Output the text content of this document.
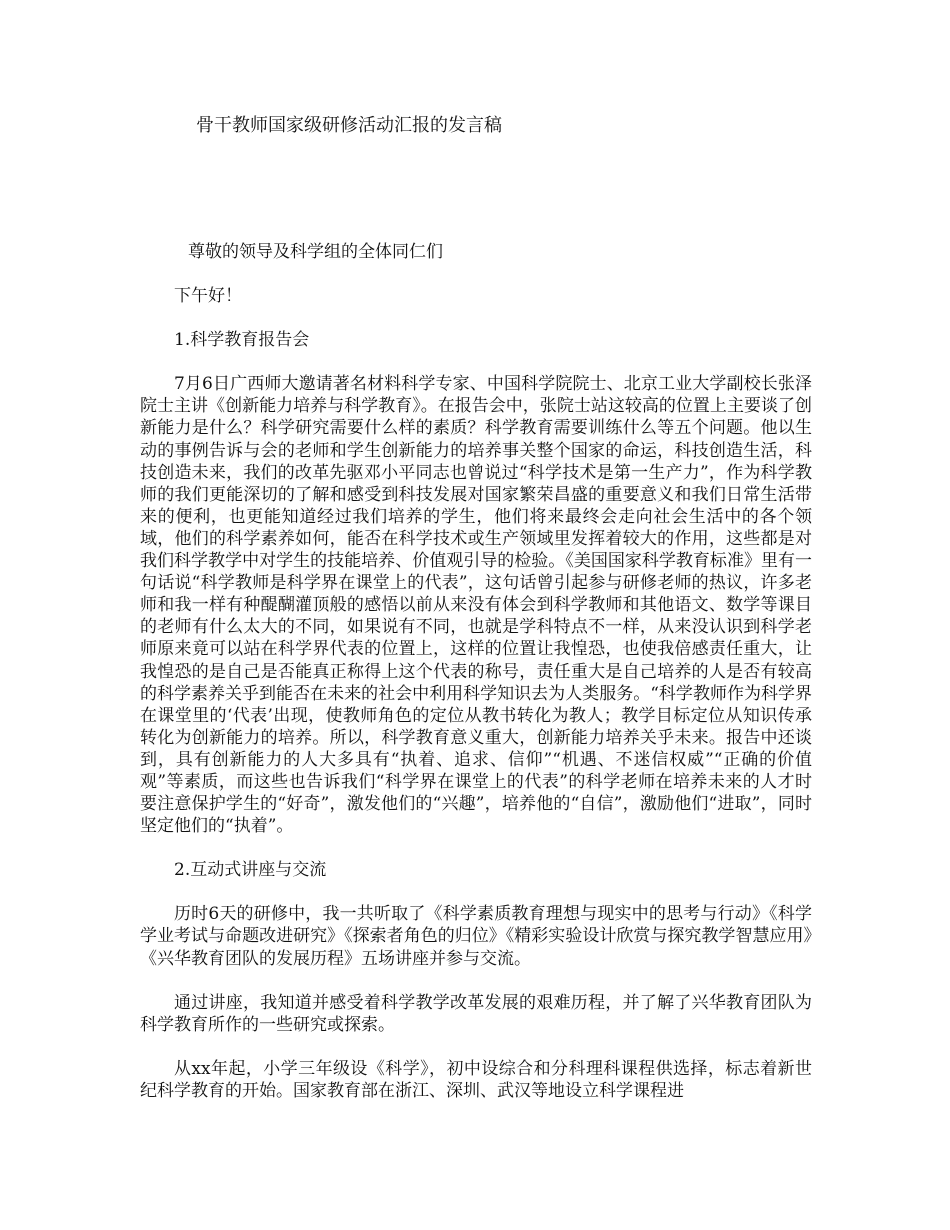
骨干教师国家级研修活动汇报的发言稿

尊敬的领导及科学组的全体同仁们

下午好！

1.科学教育报告会

7月6日广西师大邀请著名材料科学专家、中国科学院院士、北京工业大学副校长张泽院士主讲《创新能力培养与科学教育》。在报告会中，张院士站这较高的位置上主要谈了创新能力是什么？科学研究需要什么样的素质？科学教育需要训练什么等五个问题。他以生动的事例告诉与会的老师和学生创新能力的培养事关整个国家的命运，科技创造生活，科技创造未来，我们的改革先驱邓小平同志也曾说过“科学技术是第一生产力”，作为科学教师的我们更能深切的了解和感受到科技发展对国家繁荣昌盛的重要意义和我们日常生活带来的便利，也更能知道经过我们培养的学生，他们将来最终会走向社会生活中的各个领域，他们的科学素养如何，能否在科学技术或生产领域里发挥着较大的作用，这些都是对我们科学教学中对学生的技能培养、价值观引导的检验。《美国国家科学教育标准》里有一句话说“科学教师是科学界在课堂上的代表”，这句话曾引起参与研修老师的热议，许多老师和我一样有种醍醐灌顶般的感悟以前从来没有体会到科学教师和其他语文、数学等课目的老师有什么太大的不同，如果说有不同，也就是学科特点不一样，从来没认识到科学老师原来竟可以站在科学界代表的位置上，这样的位置让我惶恐，也使我倍感责任重大，让我惶恐的是自己是否能真正称得上这个代表的称号，责任重大是自己培养的人是否有较高的科学素养关乎到能否在未来的社会中利用科学知识去为人类服务。“科学教师作为科学界在课堂里的‘代表’出现，使教师角色的定位从教书转化为教人；教学目标定位从知识传承转化为创新能力的培养。所以，科学教育意义重大，创新能力培养关乎未来。报告中还谈到，具有创新能力的人大多具有“执着、追求、信仰”“机遇、不迷信权威”“正确的价值观”等素质，而这些也告诉我们“科学界在课堂上的代表”的科学老师在培养未来的人才时要注意保护学生的“好奇”，激发他们的“兴趣”，培养他的“自信”，激励他们“进取”，同时坚定他们的“执着”。

2.互动式讲座与交流

历时6天的研修中，我一共听取了《科学素质教育理想与现实中的思考与行动》《科学学业考试与命题改进研究》《探索者角色的归位》《精彩实验设计欣赏与探究教学智慧应用》《兴华教育团队的发展历程》五场讲座并参与交流。

通过讲座，我知道并感受着科学教学改革发展的艰难历程，并了解了兴华教育团队为科学教育所作的一些研究或探索。

从xx年起，小学三年级设《科学》，初中设综合和分科理科课程供选择，标志着新世纪科学教育的开始。国家教育部在浙江、深圳、武汉等地设立科学课程进
